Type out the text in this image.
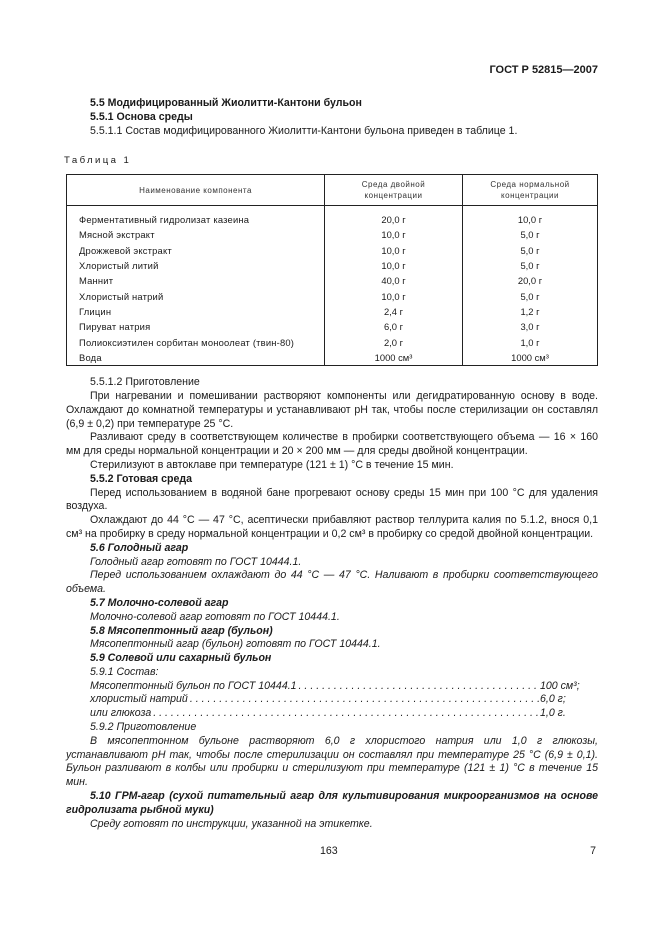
ГОСТ Р 52815—2007

5.5 Модифицированный Жиолитти-Кантони бульон

5.5.1 Основа среды

5.5.1.1 Состав модифицированного Жиолитти-Кантони бульона приведен в таблице 1.

Таблица 1
Наименование компонента	Среда двойной концентрации	Среда нормальной концентрации

Ферментативный гидролизат казеина	20,0 г	10,0 г
Мясной экстракт	10,0 г	5,0 г
Дрожжевой экстракт	10,0 г	5,0 г
Хлористый литий	10,0 г	5,0 г
Маннит	40,0 г	20,0 г
Хлористый натрий	10,0 г	5,0 г
Глицин	2,4 г	1,2 г
Пируват натрия	6,0 г	3,0 г
Полиоксиэтилен сорбитан моноолеат (твин-80)	2,0 г	1,0 г
Вода	1000 см³	1000 см³

5.5.1.2 Приготовление

При нагревании и помешивании растворяют компоненты или дегидратированную основу в воде. Охлаждают до комнатной температуры и устанавливают pH так, чтобы после стерилизации он составлял (6,9 ± 0,2) при температуре 25 °С.

Разливают среду в соответствующем количестве в пробирки соответствующего объема — 16 × 160 мм для среды нормальной концентрации и 20 × 200 мм — для среды двойной концентрации.

Стерилизуют в автоклаве при температуре (121 ± 1) °С в течение 15 мин.

5.5.2 Готовая среда

Перед использованием в водяной бане прогревают основу среды 15 мин при 100 °С для удаления воздуха.

Охлаждают до 44 °С — 47 °С, асептически прибавляют раствор теллурита калия по 5.1.2, внося 0,1 см³ на пробирку в среду нормальной концентрации и 0,2 см³ в пробирку со средой двойной концентрации.

5.6 Голодный агар

Голодный агар готовят по ГОСТ 10444.1.

Перед использованием охлаждают до 44 °С — 47 °С. Наливают в пробирки соответствующего объема.

5.7 Молочно-солевой агар

Молочно-солевой агар готовят по ГОСТ 10444.1.

5.8 Мясопептонный агар (бульон)

Мясопептонный агар (бульон) готовят по ГОСТ 10444.1.

5.9 Солевой или сахарный бульон

5.9.1 Состав:

Мясопептонный бульон по ГОСТ 10444.1 . . .	100 см³;
хлористый натрий . . .	6,0 г;
или глюкоза . . .	1,0 г.

5.9.2 Приготовление

В мясопептонном бульоне растворяют 6,0 г хлористого натрия или 1,0 г глюкозы, устанавливают pH так, чтобы после стерилизации он составлял при температуре 25 °С (6,9 ± 0,1). Бульон разливают в колбы или пробирки и стерилизуют при температуре (121 ± 1) °С в течение 15 мин.

5.10 ГРМ-агар (сухой питательный агар для культивирования микроорганизмов на основе гидролизата рыбной муки)

Среду готовят по инструкции, указанной на этикетке.

163	7
